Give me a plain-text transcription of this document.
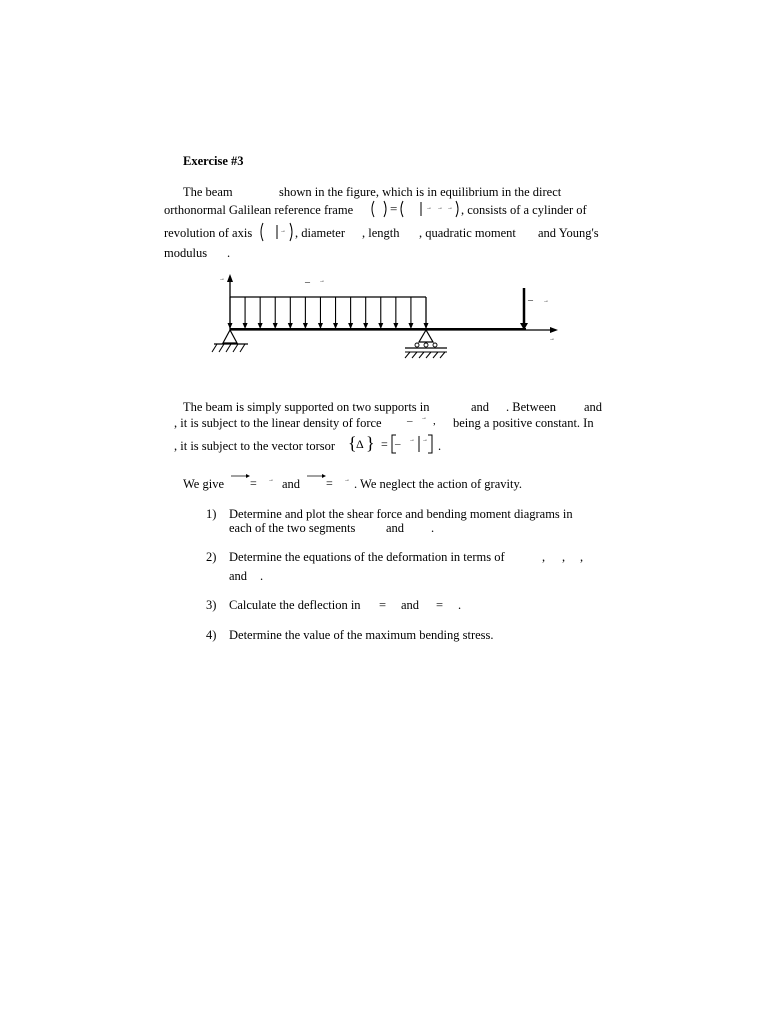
Exercise #3
The beam	shown in the figure, which is in equilibrium in the direct
orthonormal Galilean reference frame	=	→ → → , consists of a cylinder of
revolution of axis	→ , diameter , length , quadratic moment and Young's
modulus .
→
→
– →
– →
The beam is simply supported on two supports in	and . Between and
, it is subject to the linear density of force – → , being a positive constant. In
, it is subject to the vector torsor { Δ } = – → → .
We give = → and = → . We neglect the action of gravity.
1) Determine and plot the shear force and bending moment diagrams in
each of the two segments and .
2) Determine the equations of the deformation in terms of	, , ,
and .
3) Calculate the deflection in = and = .
4) Determine the value of the maximum bending stress.
